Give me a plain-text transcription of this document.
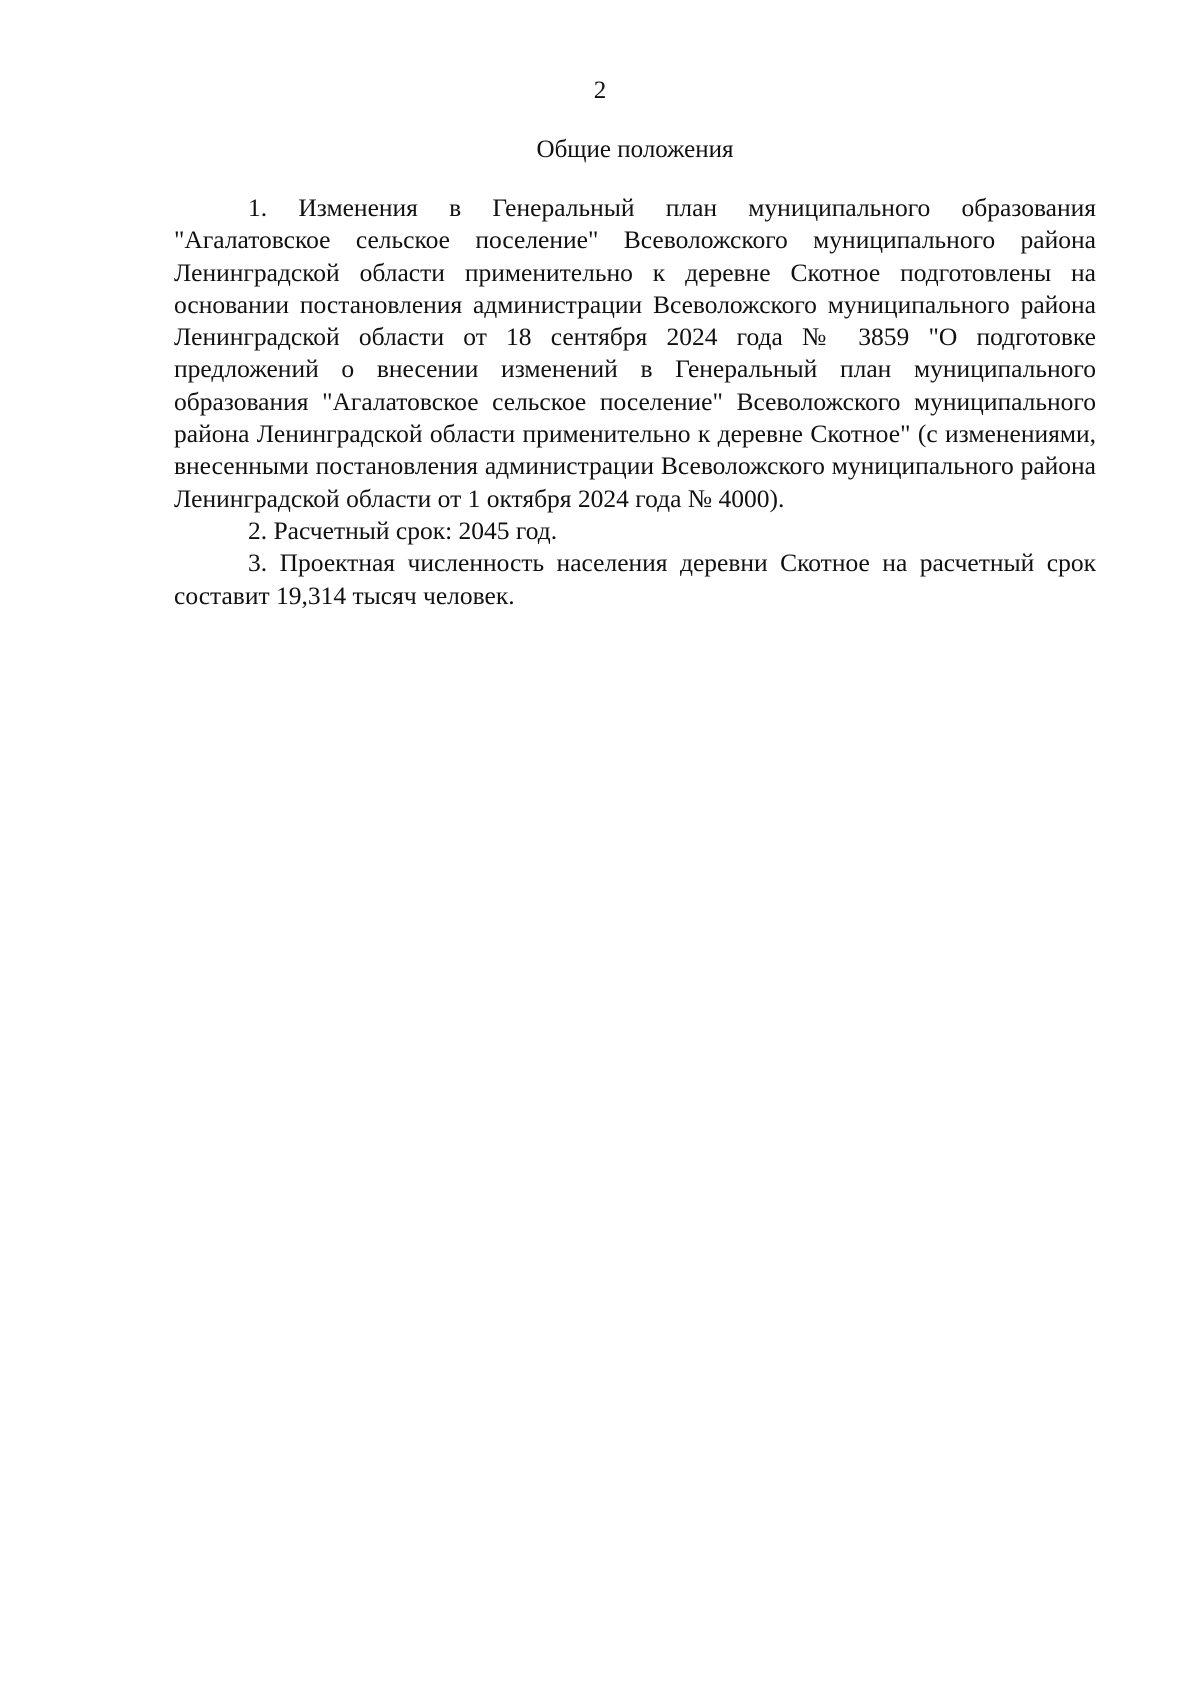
2
Общие положения

1. Изменения в Генеральный план муниципального образования "Агалатовское сельское поселение" Всеволожского муниципального района Ленинградской области применительно к деревне Скотное подготовлены на основании постановления администрации Всеволожского муниципального района Ленинградской области от 18 сентября 2024 года № 3859 "О подготовке предложений о внесении изменений в Генеральный план муниципального образования "Агалатовское сельское поселение" Всеволожского муниципального района Ленинградской области применительно к деревне Скотное" (с изменениями, внесенными постановления администрации Всеволожского муниципального района Ленинградской области от 1 октября 2024 года № 4000).

2. Расчетный срок: 2045 год.

3. Проектная численность населения деревни Скотное на расчетный срок составит 19,314 тысяч человек.
